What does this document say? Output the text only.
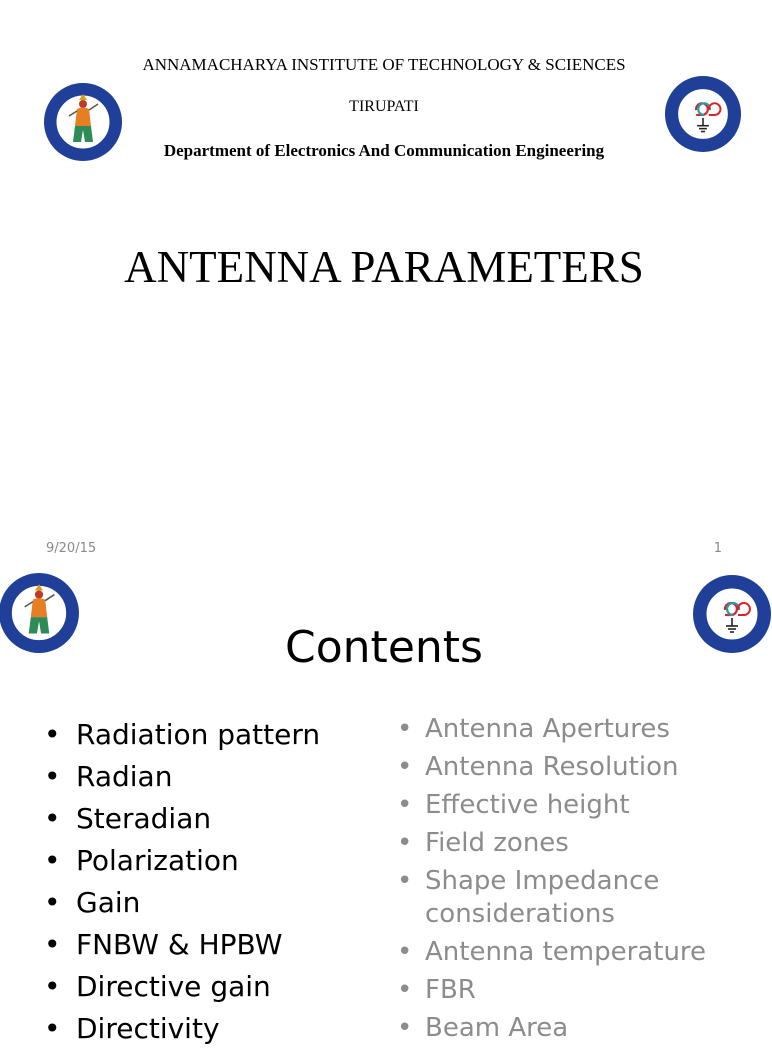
ANNAMACHARYA INSTITUTE OF TECHNOLOGY & SCIENCES
TIRUPATI
Department of Electronics And Communication Engineering
ANTENNA PARAMETERS
9/20/15	1
Contents
• Radiation pattern
• Radian
• Steradian
• Polarization
• Gain
• FNBW & HPBW
• Directive gain
• Directivity
• Antenna Apertures
• Antenna Resolution
• Effective height
• Field zones
• Shape Impedance considerations
• Antenna temperature
• FBR
• Beam Area
